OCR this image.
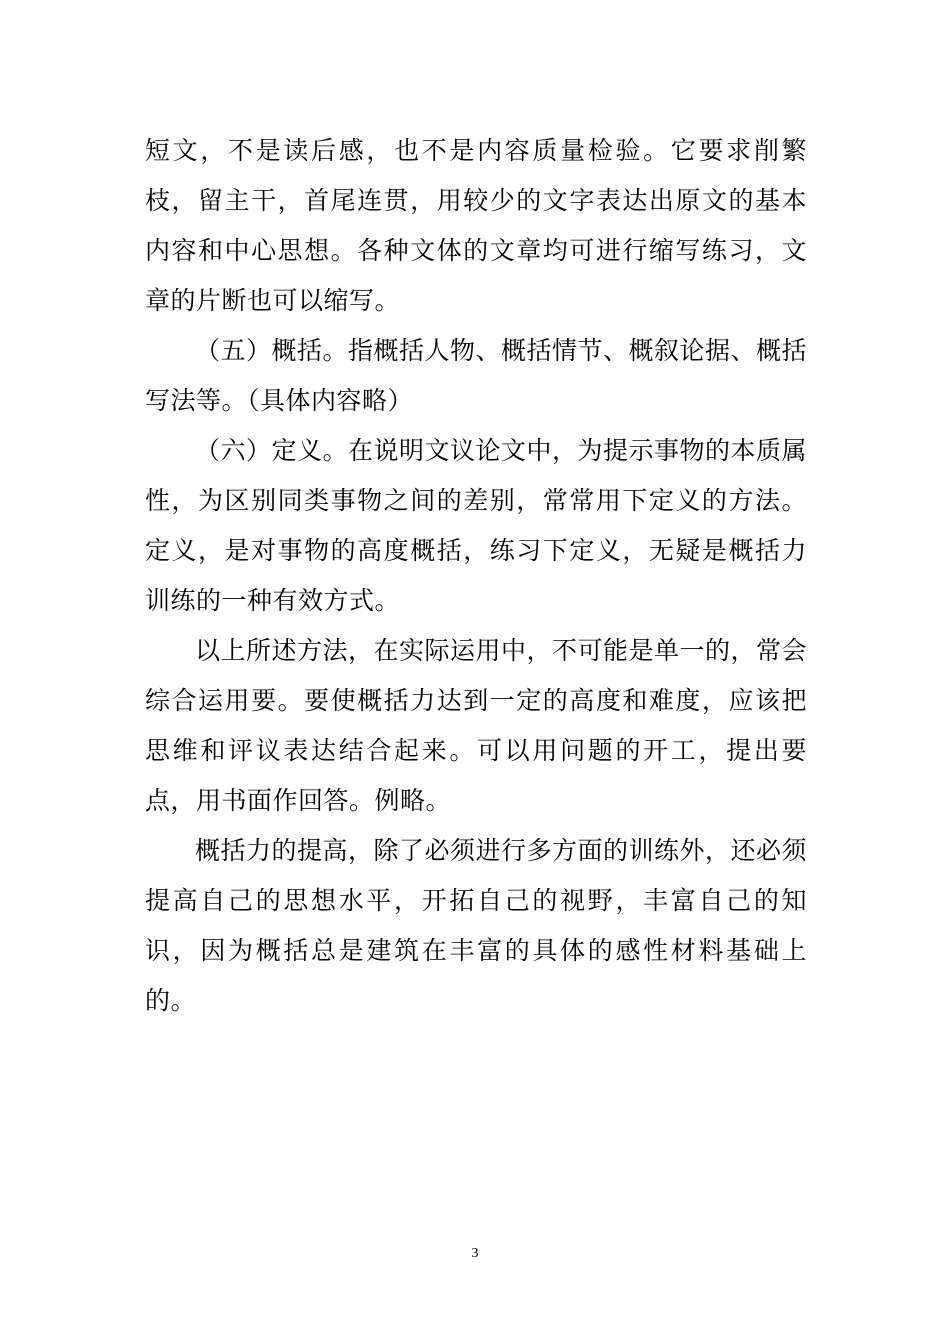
短文，不是读后感，也不是内容质量检验。它要求削繁枝，留主干，首尾连贯，用较少的文字表达出原文的基本内容和中心思想。各种文体的文章均可进行缩写练习，文章的片断也可以缩写。

（五）概括。指概括人物、概括情节、概叙论据、概括写法等。（具体内容略）

（六）定义。在说明文议论文中，为提示事物的本质属性，为区别同类事物之间的差别，常常用下定义的方法。定义，是对事物的高度概括，练习下定义，无疑是概括力训练的一种有效方式。

以上所述方法，在实际运用中，不可能是单一的，常会综合运用要。要使概括力达到一定的高度和难度，应该把思维和评议表达结合起来。可以用问题的开工，提出要点，用书面作回答。例略。

概括力的提高，除了必须进行多方面的训练外，还必须提高自己的思想水平，开拓自己的视野，丰富自己的知识，因为概括总是建筑在丰富的具体的感性材料基础上的。

3
